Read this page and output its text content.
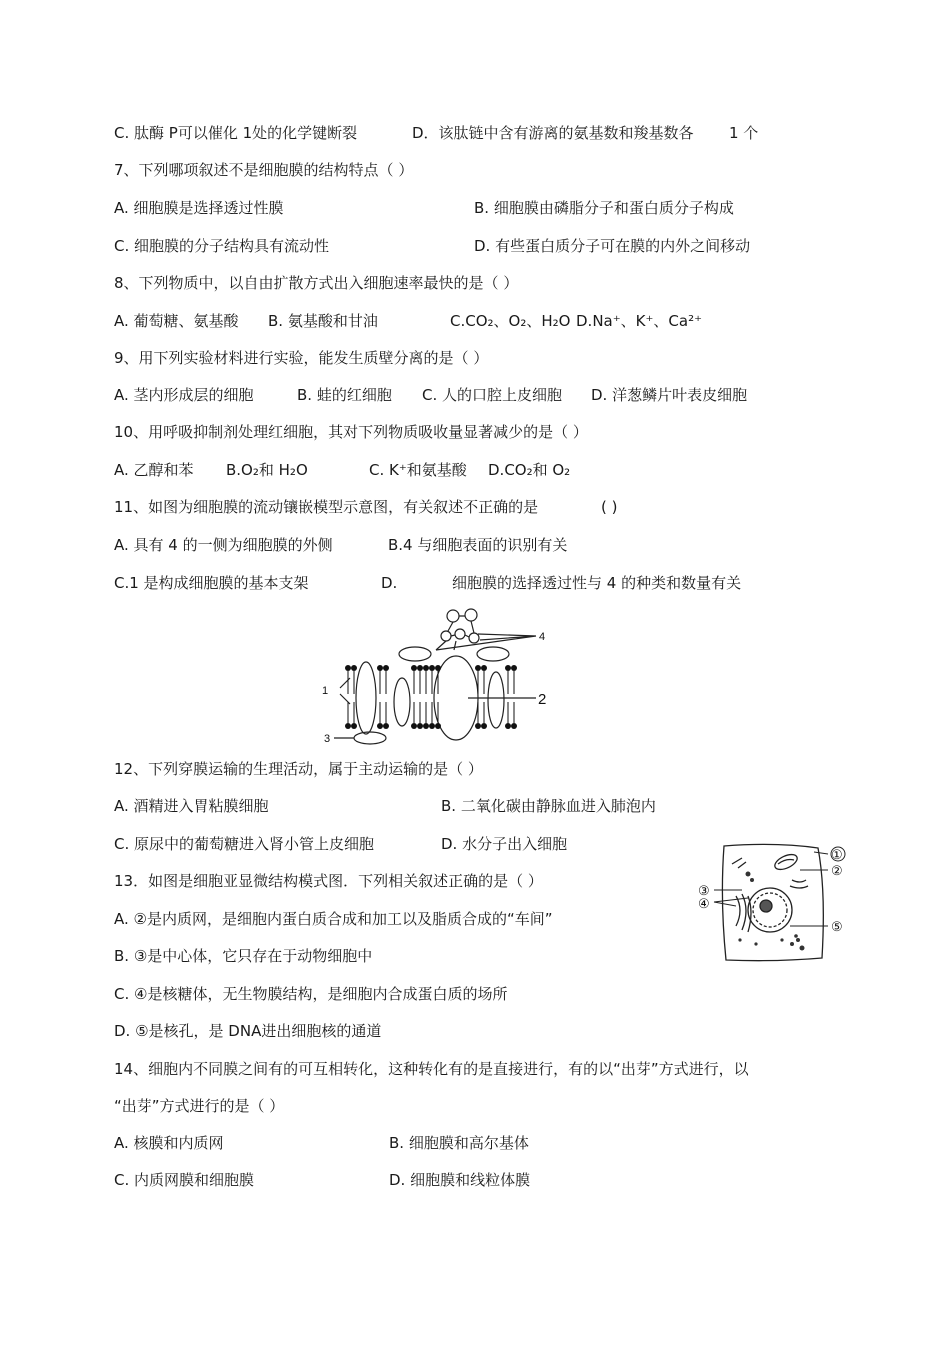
C. 肽酶 P可以催化 1处的化学键断裂	D．该肽链中含有游离的氨基数和羧基数各 1 个
7、下列哪项叙述不是细胞膜的结构特点（ ）
A. 细胞膜是选择透过性膜	B. 细胞膜由磷脂分子和蛋白质分子构成
C. 细胞膜的分子结构具有流动性	D. 有些蛋白质分子可在膜的内外之间移动
8、下列物质中，以自由扩散方式出入细胞速率最快的是（ ）
A. 葡萄糖、氨基酸 B. 氨基酸和甘油	C.CO₂、O₂、H₂O D.Na⁺、K⁺、Ca²⁺
9、用下列实验材料进行实验，能发生质壁分离的是（ ）
A. 茎内形成层的细胞	B. 蛙的红细胞 C. 人的口腔上皮细胞 D. 洋葱鳞片叶表皮细胞
10、用呼吸抑制剂处理红细胞，其对下列物质吸收量显著减少的是（ ）
A. 乙醇和苯 B.O₂和 H₂O	C. K⁺和氨基酸 D.CO₂和 O₂
11、如图为细胞膜的流动镶嵌模型示意图，有关叙述不正确的是	( )
A. 具有 4 的一侧为细胞膜的外侧	B.4 与细胞表面的识别有关
C.1 是构成细胞膜的基本支架	D.	细胞膜的选择透过性与 4 的种类和数量有关
1	2
3
4
12、下列穿膜运输的生理活动，属于主动运输的是（ ）
A. 酒精进入胃粘膜细胞	B. 二氧化碳由静脉血进入肺泡内
C. 原尿中的葡萄糖进入肾小管上皮细胞	D. 水分子出入细胞
13．如图是细胞亚显微结构模式图．下列相关叙述正确的是（ ）
A. ②是内质网，是细胞内蛋白质合成和加工以及脂质合成的“车间”
B. ③是中心体，它只存在于动物细胞中
C. ④是核糖体，无生物膜结构，是细胞内合成蛋白质的场所
D. ⑤是核孔，是 DNA进出细胞核的通道
①
②
③
④
⑤
14、细胞内不同膜之间有的可互相转化，这种转化有的是直接进行，有的以“出芽”方式进行，以
“出芽”方式进行的是（ ）
A. 核膜和内质网	B. 细胞膜和高尔基体
C. 内质网膜和细胞膜	D. 细胞膜和线粒体膜
